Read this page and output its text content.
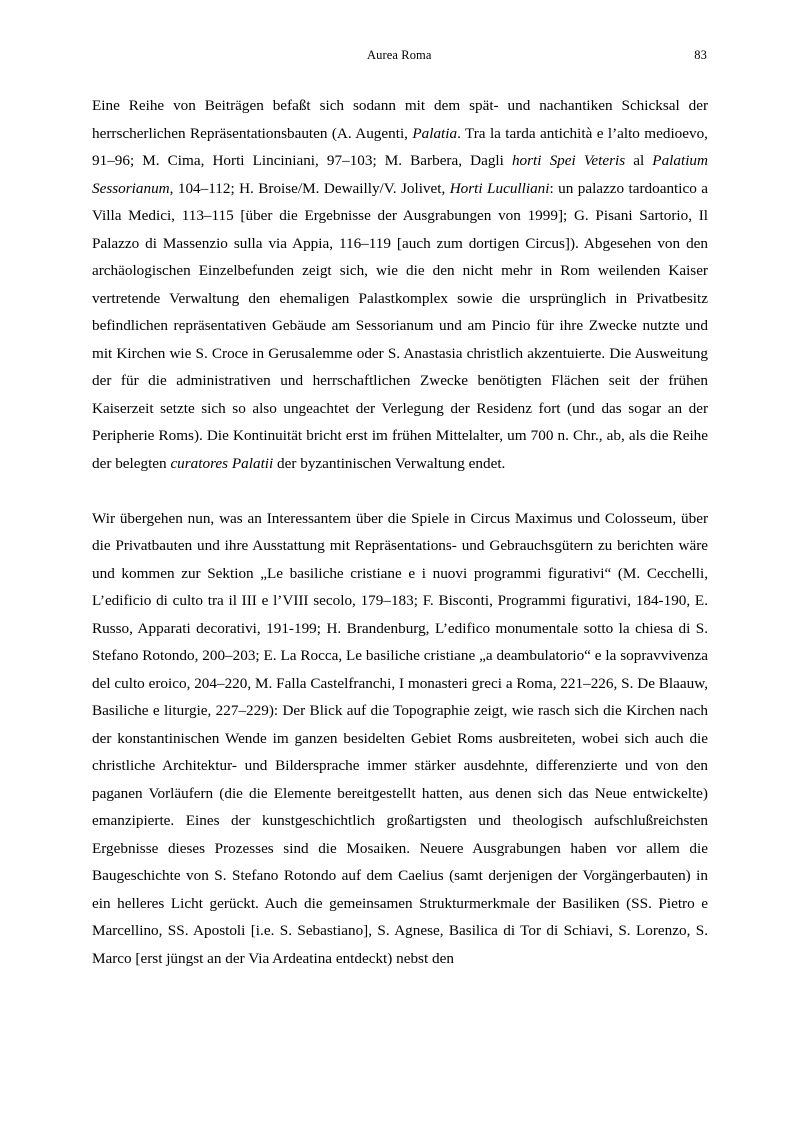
Aurea Roma	83

Eine Reihe von Beiträgen befaßt sich sodann mit dem spät- und nachantiken Schicksal der herrscherlichen Repräsentationsbauten (A. Augenti, Palatia. Tra la tarda antichità e l’alto medioevo, 91–96; M. Cima, Horti Linciniani, 97–103; M. Barbera, Dagli horti Spei Veteris al Palatium Sessorianum, 104–112; H. Broise/M. Dewailly/V. Jolivet, Horti Luculliani: un palazzo tardoantico a Villa Medici, 113–115 [über die Ergebnisse der Ausgrabungen von 1999]; G. Pisani Sartorio, Il Palazzo di Massenzio sulla via Appia, 116–119 [auch zum dortigen Circus]). Abgesehen von den archäologischen Einzelbefunden zeigt sich, wie die den nicht mehr in Rom weilenden Kaiser vertretende Verwaltung den ehemaligen Palastkomplex sowie die ursprünglich in Privatbesitz befindlichen repräsentativen Gebäude am Sessorianum und am Pincio für ihre Zwecke nutzte und mit Kirchen wie S. Croce in Gerusalemme oder S. Anastasia christlich akzentuierte. Die Ausweitung der für die administrativen und herrschaftlichen Zwecke benötigten Flächen seit der frühen Kaiserzeit setzte sich so also ungeachtet der Verlegung der Residenz fort (und das sogar an der Peripherie Roms). Die Kontinuität bricht erst im frühen Mittelalter, um 700 n. Chr., ab, als die Reihe der belegten curatores Palatii der byzantinischen Verwaltung endet.

Wir übergehen nun, was an Interessantem über die Spiele in Circus Maximus und Colosseum, über die Privatbauten und ihre Ausstattung mit Repräsentations- und Gebrauchsgütern zu berichten wäre und kommen zur Sektion „Le basiliche cristiane e i nuovi programmi figurativi“ (M. Cecchelli, L’edificio di culto tra il III e l’VIII secolo, 179–183; F. Bisconti, Programmi figurativi, 184-190, E. Russo, Apparati decorativi, 191-199; H. Brandenburg, L’edifico monumentale sotto la chiesa di S. Stefano Rotondo, 200–203; E. La Rocca, Le basiliche cristiane „a deambulatorio“ e la sopravvivenza del culto eroico, 204–220, M. Falla Castelfranchi, I monasteri greci a Roma, 221–226, S. De Blaauw, Basiliche e liturgie, 227–229): Der Blick auf die Topographie zeigt, wie rasch sich die Kirchen nach der konstantinischen Wende im ganzen besidelten Gebiet Roms ausbreiteten, wobei sich auch die christliche Architektur- und Bildersprache immer stärker ausdehnte, differenzierte und von den paganen Vorläufern (die die Elemente bereitgestellt hatten, aus denen sich das Neue entwickelte) emanzipierte. Eines der kunstgeschichtlich großartigsten und theologisch aufschlußreichsten Ergebnisse dieses Prozesses sind die Mosaiken. Neuere Ausgrabungen haben vor allem die Baugeschichte von S. Stefano Rotondo auf dem Caelius (samt derjenigen der Vorgängerbauten) in ein helleres Licht gerückt. Auch die gemeinsamen Strukturmerkmale der Basiliken (SS. Pietro e Marcellino, SS. Apostoli [i.e. S. Sebastiano], S. Agnese, Basilica di Tor di Schiavi, S. Lorenzo, S. Marco [erst jüngst an der Via Ardeatina entdeckt) nebst den
